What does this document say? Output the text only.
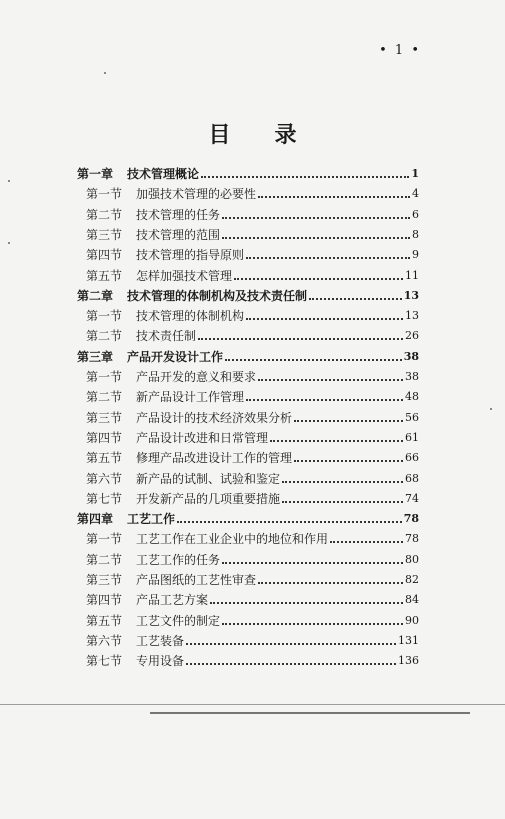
• 1 •
目 录
第一章 技术管理概论	1
第一节 加强技术管理的必要性	4
第二节 技术管理的任务	6
第三节 技术管理的范围	8
第四节 技术管理的指导原则	9
第五节 怎样加强技术管理	11
第二章 技术管理的体制机构及技术责任制	13
第一节 技术管理的体制机构	13
第二节 技术责任制	26
第三章 产品开发设计工作	38
第一节 产品开发的意义和要求	38
第二节 新产品设计工作管理	48
第三节 产品设计的技术经济效果分析	56
第四节 产品设计改进和日常管理	61
第五节 修理产品改进设计工作的管理	66
第六节 新产品的试制、试验和鉴定	68
第七节 开发新产品的几项重要措施	74
第四章 工艺工作	78
第一节 工艺工作在工业企业中的地位和作用	78
第二节 工艺工作的任务	80
第三节 产品图纸的工艺性审查	82
第四节 产品工艺方案	84
第五节 工艺文件的制定	90
第六节 工艺装备	131
第七节 专用设备	136
